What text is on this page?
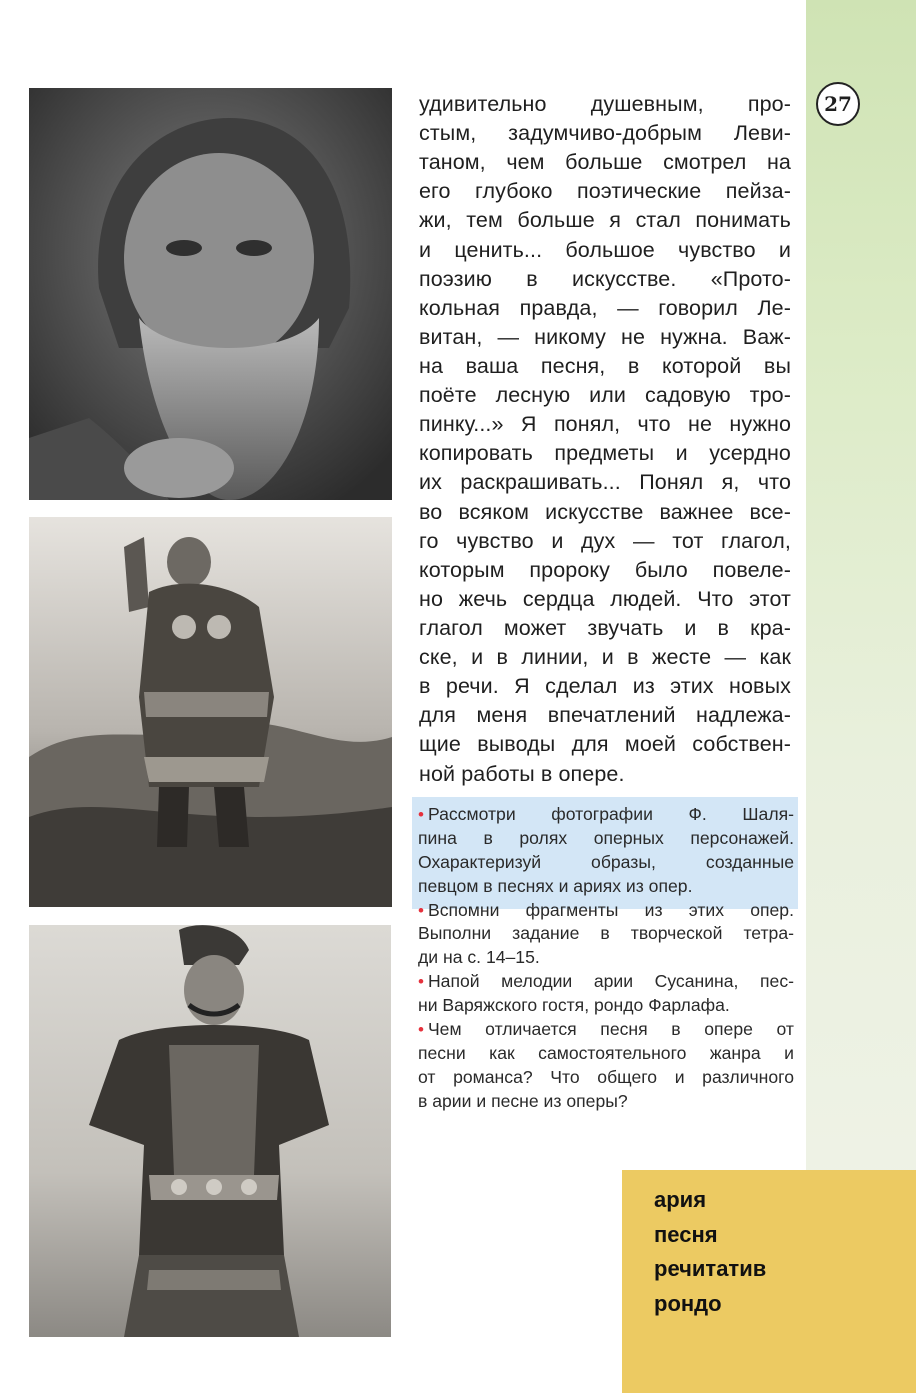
27
удивительно душевным, про-
стым, задумчиво-добрым Леви-
таном, чем больше смотрел на
его глубоко поэтические пейза-
жи, тем больше я стал понимать
и ценить... большое чувство и
поэзию в искусстве. «Прото-
кольная правда, — говорил Ле-
витан, — никому не нужна. Важ-
на ваша песня, в которой вы
поёте лесную или садовую тро-
пинку...» Я понял, что не нужно
копировать предметы и усердно
их раскрашивать... Понял я, что
во всяком искусстве важнее все-
го чувство и дух — тот глагол,
которым пророку было повеле-
но жечь сердца людей. Что этот
глагол может звучать и в кра-
ске, и в линии, и в жесте — как
в речи. Я сделал из этих новых
для меня впечатлений надлежа-
щие выводы для моей собствен-
ной работы в опере.
• Рассмотри фотографии Ф. Шаля-
пина в ролях оперных персонажей.
Охарактеризуй образы, созданные
певцом в песнях и ариях из опер.
• Вспомни фрагменты из этих опер.
Выполни задание в творческой тетра-
ди на с. 14–15.
• Напой мелодии арии Сусанина, пес-
ни Варяжского гостя, рондо Фарлафа.
• Чем отличается песня в опере от
песни как самостоятельного жанра и
от романса? Что общего и различного
в арии и песне из оперы?
ария
песня
речитатив
рондо
